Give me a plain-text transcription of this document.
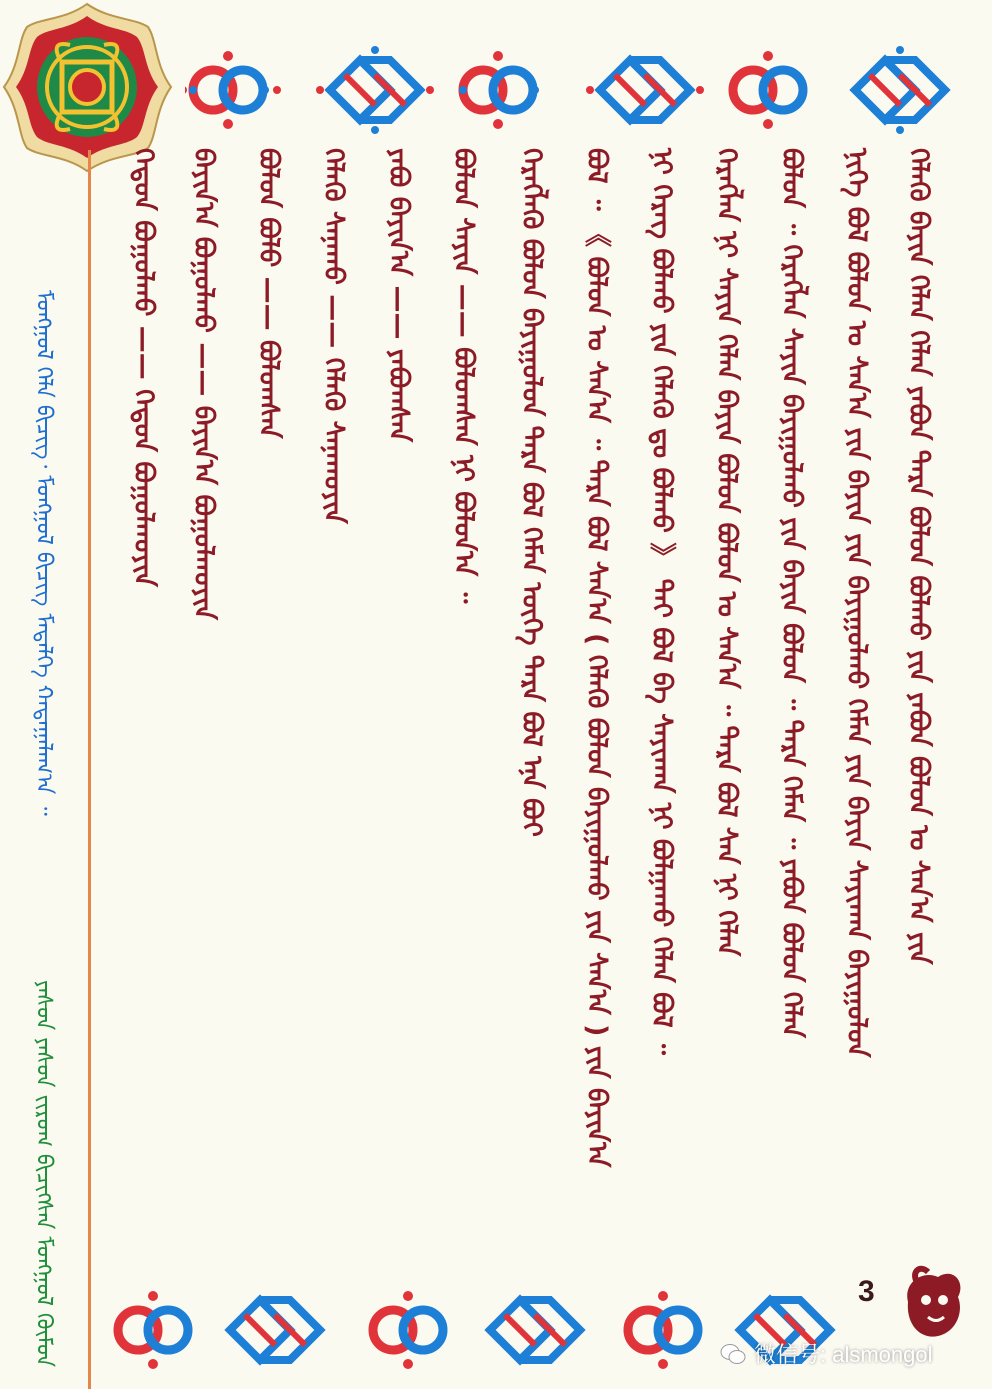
ᠮᠣᠩᠭᠣᠯ ᠬᠡᠯᠡ ᠪᠢᠴᠢᠭ᠂ ᠮᠣᠩᠭᠣᠯ ᠪᠢᠴᠢᠭ ᠮᠡᠳᠡᠯᠭᠡ ᠬᠠᠳᠠᠭᠠᠯᠠᠭ᠎ᠠ ᠃
ᠶᠠᠰᠤᠨ ᠶᠠᠰᠤᠨ ᠵᠢᠷᠤᠭ ᠪᠢᠴᠢᠭᠰᠡᠨ ᠮᠣᠩᠭᠣᠯ ᠬᠦᠮᠦᠨ
ᠬᠡᠳᠦᠨ ᠪᠤᠭᠤᠯᠬᠤ —— ᠬᠡᠳᠦᠨ ᠪᠤᠭᠤᠯᠬᠤᠶᠢᠨ ᠪᠠᠶᠢᠨ᠎ᠠ ᠪᠤᠭᠤᠯᠬᠤ —— ᠪᠠᠶᠢᠨ᠎ᠠ ᠪᠤᠭᠤᠯᠬᠤᠶᠢᠨ ᠪᠣᠯᠤᠨ ᠪᠣᠯᠤ —— ᠪᠣᠯᠤᠭᠰᠠᠨ ᠬᠡᠯᠡᠬᠦ ᠰᠠᠨᠠᠬᠤ —— ᠬᠡᠯᠡᠬᠦ ᠰᠠᠨᠠᠬᠤᠶᠢᠨ ᠶᠠᠪᠤ ᠪᠠᠶᠢᠨ᠎ᠠ —— ᠶᠠᠪᠤᠭᠰᠠᠨ ᠪᠣᠯᠤᠨ ᠰᠠᠶᠢᠨ —— ᠪᠣᠯᠤᠭᠰᠠᠨ ᠨᠢ ᠪᠣᠯᠤᠨ᠎ᠠ ᠃ ᠬᠡᠷᠡᠭᠯᠡᠬᠦ ᠪᠣᠯᠤᠨ ᠪᠠᠶᠢᠭᠤᠯᠤᠨ ᠲᠡᠷᠡ ᠪᠣᠯ ᠬᠡᠮᠡᠨ ᠦᠭᠡ ᠲᠡᠷᠡ ᠪᠣᠯ ᠡᠨᠡ ᠪᠤᠢ ᠪᠣᠯ ᠃ 《 ᠪᠣᠯᠤᠨ ᠤ ᠰᠠᠨ᠎ᠠ ᠃ ᠲᠡᠷᠡ ᠪᠣᠯ ᠰᠠᠨ᠎ᠠ ( ᠬᠡᠯᠡᠬᠦ ᠪᠣᠯᠤᠨ ᠪᠠᠶᠢᠭᠤᠯᠬᠤ ᠶᠢᠨ ᠰᠠᠨ᠎ᠠ ) ᠶᠢᠨ ᠪᠠᠶᠢᠨ᠎ᠠ ᠨᠢ ᠬᠡᠷᠡᠭ ᠪᠣᠯᠬᠤ ᠶᠢᠨ ᠬᠡᠯᠡᠬᠦ ᠳᠤ ᠪᠣᠯᠬᠤ 》 ᠲᠠᠢ ᠪᠣᠯ ᠪᠠ ᠰᠠᠶᠢᠬᠠᠨ ᠨᠢ ᠪᠣᠯᠭᠠᠬᠤ ᠬᠡᠯᠡᠨ ᠪᠣᠯ ᠃ ᠬᠡᠷᠡᠭᠯᠡᠨ ᠨᠢ ᠰᠠᠶᠢᠨ ᠬᠡᠯᠡᠨ ᠪᠠᠶᠢᠨ ᠪᠣᠯᠤᠨ ᠪᠣᠯᠤᠨ ᠤ ᠰᠠᠨ᠎ᠠ ᠃ ᠲᠡᠷᠡ ᠪᠣᠯ ᠰᠠᠨ ᠨᠢ ᠬᠡᠯᠡᠨ ᠪᠣᠯᠤᠨ ᠃ ᠬᠡᠷᠡᠭᠯᠡᠨ ᠰᠠᠶᠢᠨ ᠪᠠᠶᠢᠭᠤᠯᠬᠤ ᠶᠢᠨ ᠪᠠᠶᠢᠨ ᠪᠣᠯᠤᠨ ᠃ ᠲᠡᠷᠡ ᠬᠡᠮᠡᠨ ᠃ ᠶᠠᠪᠤᠨ ᠪᠣᠯᠤᠨ ᠬᠡᠯᠡᠨ ᠨᠢᠭᠡ ᠪᠣᠯ ᠪᠣᠯᠤᠨ ᠤ ᠰᠠᠨ᠎ᠠ ᠶᠢᠨ ᠪᠠᠶᠢᠨ ᠶᠢᠨ ᠪᠠᠶᠢᠭᠤᠯᠬᠤ ᠬᠡᠮᠡᠨ ᠶᠢᠨ ᠪᠠᠶᠢᠨ ᠰᠠᠶᠢᠬᠠᠨ ᠪᠠᠶᠢᠭᠤᠯᠤᠨ ᠬᠡᠯᠡᠬᠦ ᠪᠠᠶᠢᠨ ᠬᠡᠯᠡᠨ ᠬᠡᠯᠡᠨ ᠶᠠᠪᠤᠨ ᠲᠡᠷᠡ ᠪᠣᠯᠤᠨ ᠪᠣᠯᠬᠤ ᠶᠢᠨ ᠶᠠᠪᠤᠨ ᠪᠣᠯᠤᠨ ᠤ ᠰᠠᠨ᠎ᠠ ᠶᠢᠨ
3
微信号: alsmongol
